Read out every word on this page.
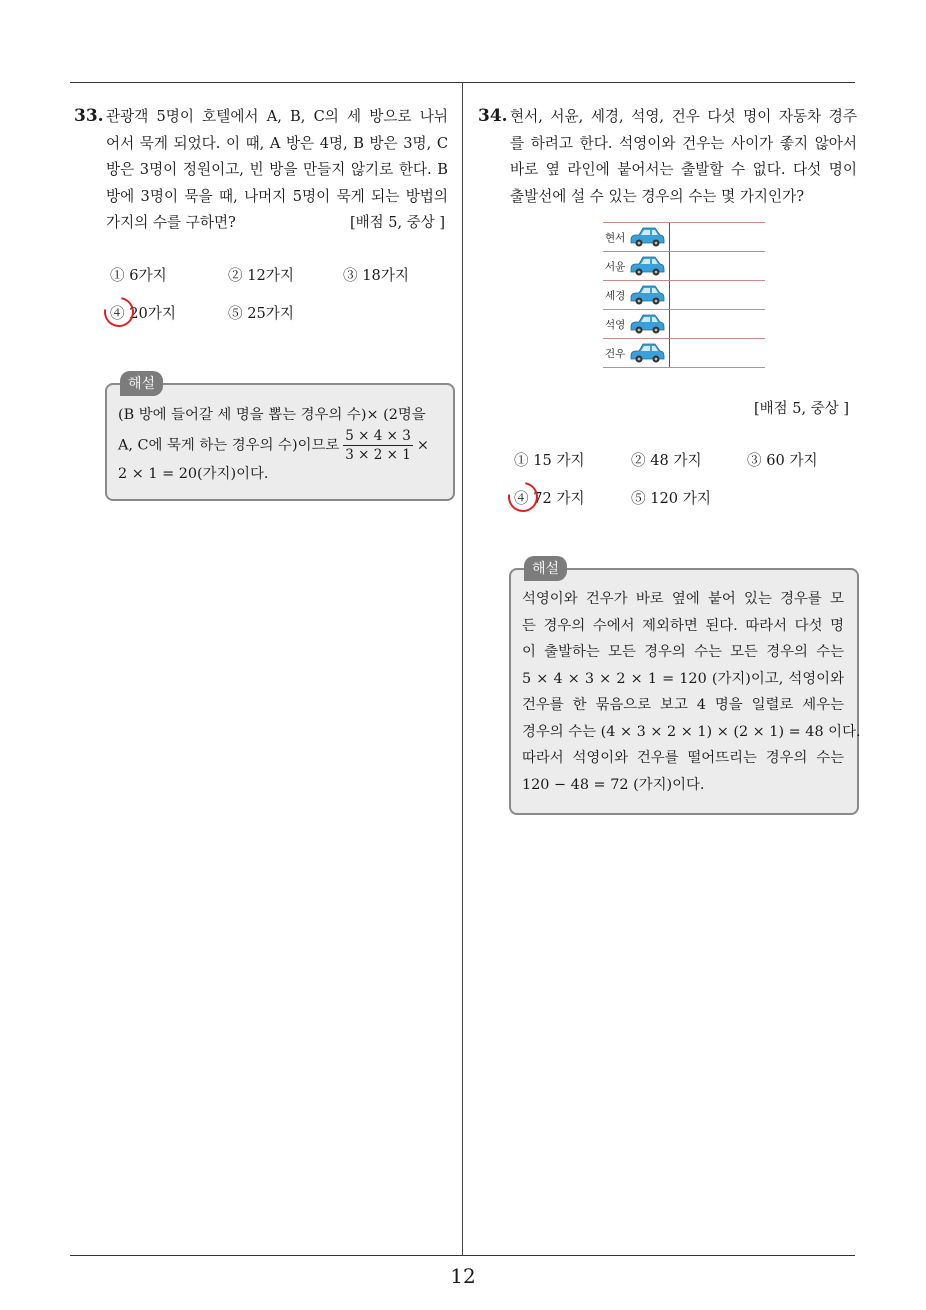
33. 관광객 5명이 호텔에서 A, B, C의 세 방으로 나뉘
어서 묵게 되었다. 이 때, A 방은 4명, B 방은 3명, C
방은 3명이 정원이고, 빈 방을 만들지 않기로 한다. B
방에 3명이 묵을 때, 나머지 5명이 묵게 되는 방법의
가지의 수를 구하면?	[배점 5, 중상 ]
① 6가지	② 12가지	③ 18가지
④ 20가지	⑤ 25가지
해설
(B 방에 들어갈 세 명을 뽑는 경우의 수)× (2명을
A, C에 묵게 하는 경우의 수)이므로 $\frac{5 \times 4 \times 3}{3 \times 2 \times 1}$ ×
2 × 1 = 20(가지)이다.
34. 현서, 서윤, 세경, 석영, 건우 다섯 명이 자동차 경주
를 하려고 한다. 석영이와 건우는 사이가 좋지 않아서
바로 옆 라인에 붙어서는 출발할 수 없다. 다섯 명이
출발선에 설 수 있는 경우의 수는 몇 가지인가?
현서
서윤
세경
석영
건우
[배점 5, 중상 ]
① 15 가지	② 48 가지	③ 60 가지
④ 72 가지	⑤ 120 가지
해설
석영이와 건우가 바로 옆에 붙어 있는 경우를 모
든 경우의 수에서 제외하면 된다. 따라서 다섯 명
이 출발하는 모든 경우의 수는 모든 경우의 수는
5 × 4 × 3 × 2 × 1 = 120 (가지)이고, 석영이와
건우를 한 묶음으로 보고 4 명을 일렬로 세우는
경우의 수는 (4 × 3 × 2 × 1) × (2 × 1) = 48 이다.
따라서 석영이와 건우를 떨어뜨리는 경우의 수는
120 − 48 = 72 (가지)이다.
12
